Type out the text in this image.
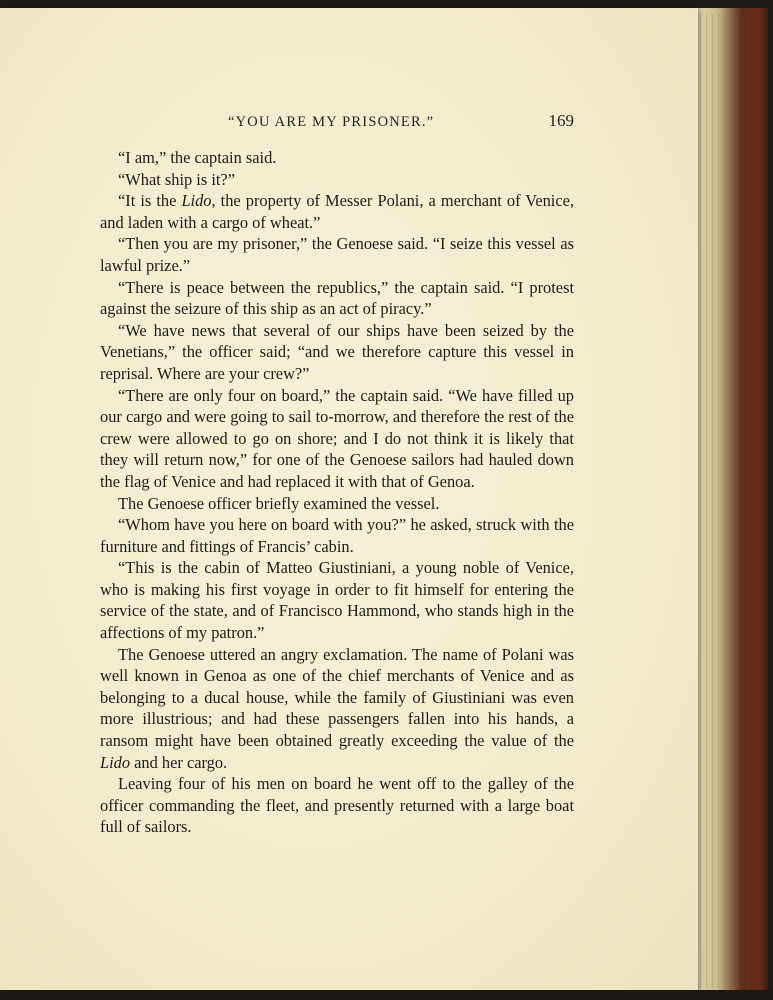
“YOU ARE MY PRISONER.”	169

“I am,” the captain said.

“What ship is it?”

“It is the Lido, the property of Messer Polani, a merchant of Venice, and laden with a cargo of wheat.”

“Then you are my prisoner,” the Genoese said. “I seize this vessel as lawful prize.”

“There is peace between the republics,” the captain said. “I protest against the seizure of this ship as an act of piracy.”

“We have news that several of our ships have been seized by the Venetians,” the officer said; “and we therefore capture this vessel in reprisal. Where are your crew?”

“There are only four on board,” the captain said. “We have filled up our cargo and were going to sail to-morrow, and therefore the rest of the crew were allowed to go on shore; and I do not think it is likely that they will return now,” for one of the Genoese sailors had hauled down the flag of Venice and had replaced it with that of Genoa.

The Genoese officer briefly examined the vessel.

“Whom have you here on board with you?” he asked, struck with the furniture and fittings of Francis’ cabin.

“This is the cabin of Matteo Giustiniani, a young noble of Venice, who is making his first voyage in order to fit himself for entering the service of the state, and of Francisco Hammond, who stands high in the affections of my patron.”

The Genoese uttered an angry exclamation. The name of Polani was well known in Genoa as one of the chief merchants of Venice and as belonging to a ducal house, while the family of Giustiniani was even more illustrious; and had these passengers fallen into his hands, a ransom might have been obtained greatly exceeding the value of the Lido and her cargo.

Leaving four of his men on board he went off to the galley of the officer commanding the fleet, and presently returned with a large boat full of sailors.
